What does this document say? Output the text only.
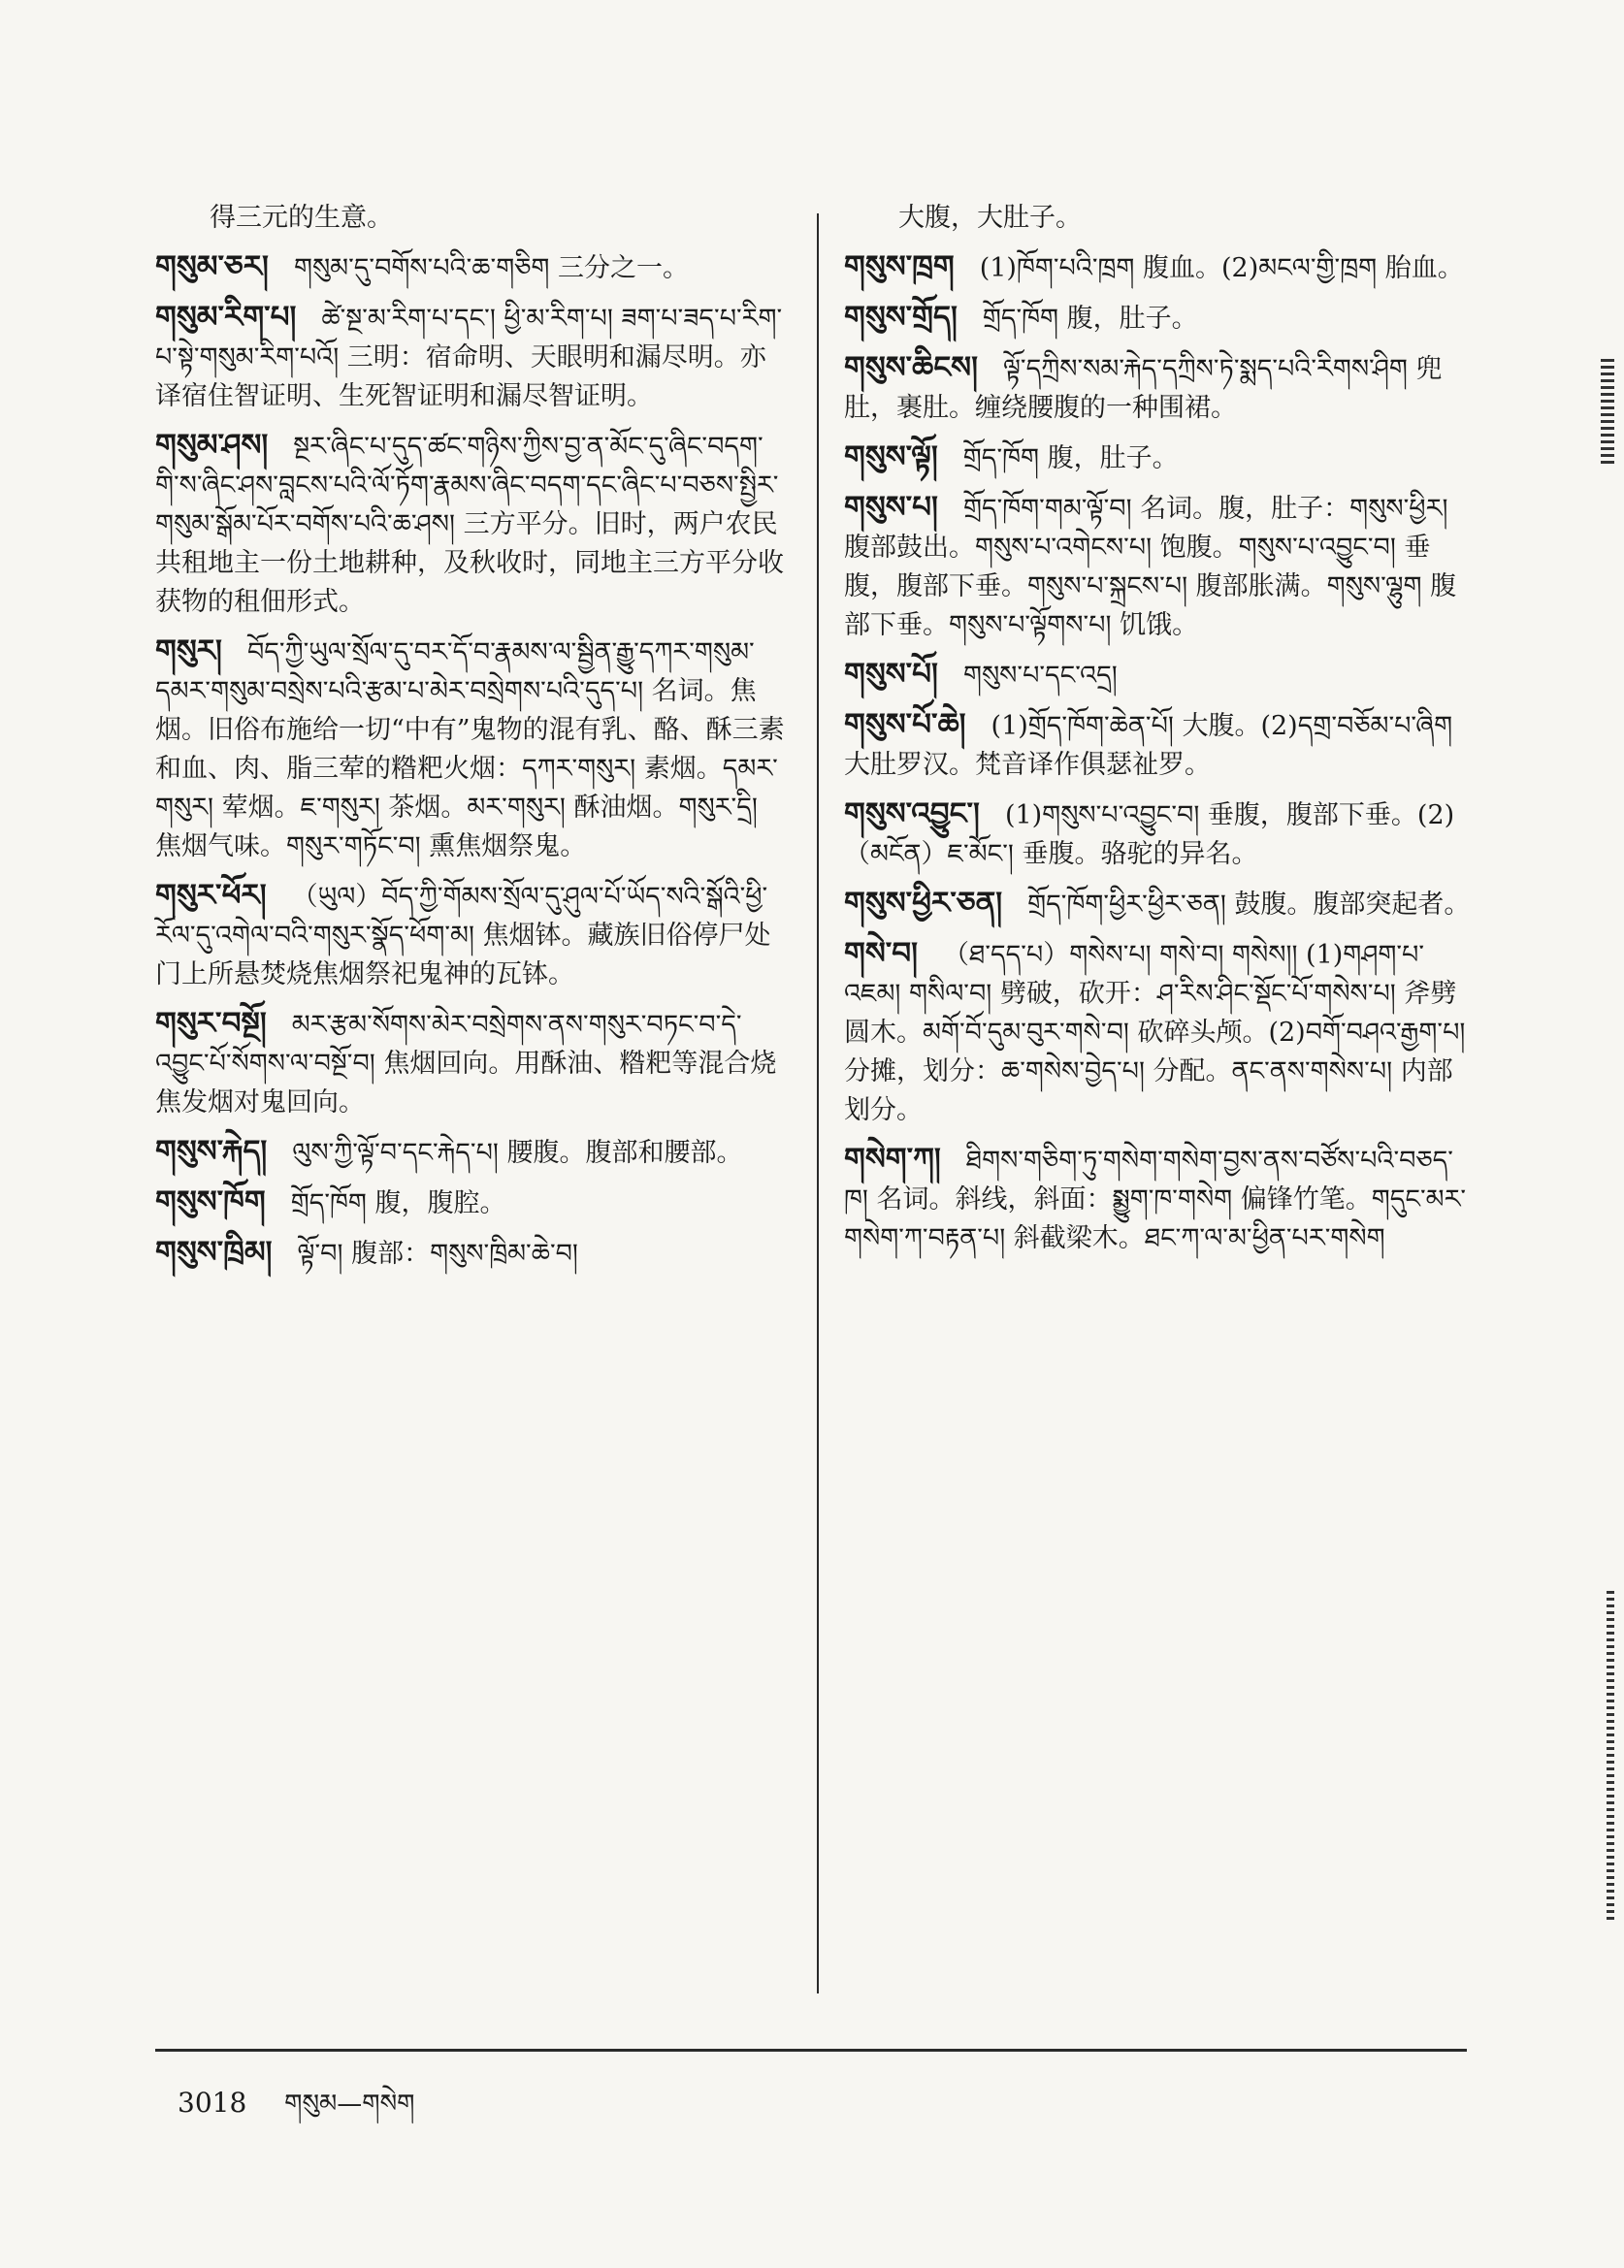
得三元的生意。
གསུམ་ཅར། གསུམ་དུ་བགོས་པའི་ཆ་གཅིག 三分之一。
གསུམ་རིག་པ། ཚེ་སྔ་མ་རིག་པ་དང་། ཕྱི་མ་རིག་པ། ཟག་པ་ཟད་པ་རིག་པ་སྟེ་གསུམ་རིག་པའོ། 三明：宿命明、天眼明和漏尽明。亦译宿住智证明、生死智证明和漏尽智证明。
གསུམ་ཤས། སྔར་ཞིང་པ་དུད་ཚང་གཉིས་ཀྱིས་བྱ་ན་མོང་དུ་ཞིང་བདག་གི་ས་ཞིང་ཤས་བླངས་པའི་ལོ་ཏོག་རྣམས་ཞིང་བདག་དང་ཞིང་པ་བཅས་སྤྱིར་གསུམ་སྒོམ་པོར་བགོས་པའི་ཆ་ཤས། 三方平分。旧时，两户农民共租地主一份土地耕种，及秋收时，同地主三方平分收获物的租佃形式。
གསུར། བོད་ཀྱི་ཡུལ་སྲོལ་དུ་བར་དོ་བ་རྣམས་ལ་སྦྱིན་རྒྱུ་དཀར་གསུམ་དམར་གསུམ་བསྲེས་པའི་རྩམ་པ་མེར་བསྲེགས་པའི་དུད་པ། 名词。焦烟。旧俗布施给一切“中有”鬼物的混有乳、酪、酥三素和血、肉、脂三荤的糌粑火烟：དཀར་གསུར། 素烟。དམར་གསུར། 荤烟。ཇ་གསུར། 茶烟。མར་གསུར། 酥油烟。གསུར་དྲི། 焦烟气味。གསུར་གཏོང་བ། 熏焦烟祭鬼。
གསུར་ཕོར། （ཡུལ）བོད་ཀྱི་གོམས་སྲོལ་དུ་ཤུལ་པོ་ཡོད་སའི་སྒོའི་ཕྱི་རོལ་དུ་འགེལ་བའི་གསུར་སྣོད་ཕོག་མ། 焦烟钵。藏族旧俗停尸处门上所悬焚烧焦烟祭祀鬼神的瓦钵。
གསུར་བསྔོ། མར་རྩམ་སོགས་མེར་བསྲེགས་ནས་གསུར་བཏང་བ་དེ་འབྱུང་པོ་སོགས་ལ་བསྔོ་བ། 焦烟回向。用酥油、糌粑等混合烧焦发烟对鬼回向。
གསུས་རྐེད། ལུས་ཀྱི་ལྟོ་བ་དང་རྐེད་པ། 腰腹。腹部和腰部。
གསུས་ཁོག གྲོད་ཁོག 腹，腹腔。
གསུས་ཁྲིམ། ལྟོ་བ། 腹部：གསུས་ཁྲིམ་ཆེ་བ།
大腹，大肚子。
གསུས་ཁྲག (1)ཁོག་པའི་ཁྲག 腹血。(2)མངལ་གྱི་ཁྲག 胎血。
གསུས་གྲོད། གྲོད་ཁོག 腹，肚子。
གསུས་ཆིངས། ལྟོ་དཀྲིས་སམ་རྐེད་དཀྲིས་ཏེ་སྨད་པའི་རིགས་ཤིག 兜肚，裹肚。缠绕腰腹的一种围裙。
གསུས་ལྟོ། གྲོད་ཁོག 腹，肚子。
གསུས་པ། གྲོད་ཁོག་གམ་ལྟོ་བ། 名词。腹，肚子：གསུས་ཕྱིར། 腹部鼓出。གསུས་པ་འགེངས་པ། 饱腹。གསུས་པ་འབྱུང་བ། 垂腹，腹部下垂。གསུས་པ་སྐྲངས་པ། 腹部胀满。གསུས་ལྷུག 腹部下垂。གསུས་པ་ལྟོགས་པ། 饥饿。
གསུས་པོ། གསུས་པ་དང་འདྲ།
གསུས་པོ་ཆེ། (1)གྲོད་ཁོག་ཆེན་པོ། 大腹。(2)དགྲ་བཅོམ་པ་ཞིག 大肚罗汉。梵音译作俱瑟祉罗。
གསུས་འབྱུང་། (1)གསུས་པ་འབྱུང་བ། 垂腹，腹部下垂。(2)（མངོན）ཇ་མོང་། 垂腹。骆驼的异名。
གསུས་ཕྱིར་ཅན། གྲོད་ཁོག་ཕྱིར་ཕྱིར་ཅན། 鼓腹。腹部突起者。
གསེ་བ། （ཐ་དད་པ）གསེས་པ། གསེ་བ། གསེས།། (1)གཤག་པ་འཇམ། གསིལ་བ། 劈破，砍开：ཤ་རིས་ཤིང་སྡོང་པོ་གསེས་པ། 斧劈圆木。མགོ་བོ་དུམ་བུར་གསེ་བ། 砍碎头颅。(2)བགོ་བཤའ་རྒྱག་པ། 分摊，划分：ཆ་གསེས་བྱེད་པ། 分配。ནང་ནས་གསེས་པ། 内部划分。
གསེག་ཀ། ཐིགས་གཅིག་ཏུ་གསེག་གསེག་བྱས་ནས་བཙོས་པའི་བཅད་ཁ། 名词。斜线，斜面：སྨྱུག་ཁ་གསེག 偏锋竹笔。གདུང་མར་གསེག་ཀ་བརྟན་པ། 斜截梁木。ཐང་ཀ་ལ་མ་ཕྱིན་པར་གསེག
3018 གསུམ—གསེག
